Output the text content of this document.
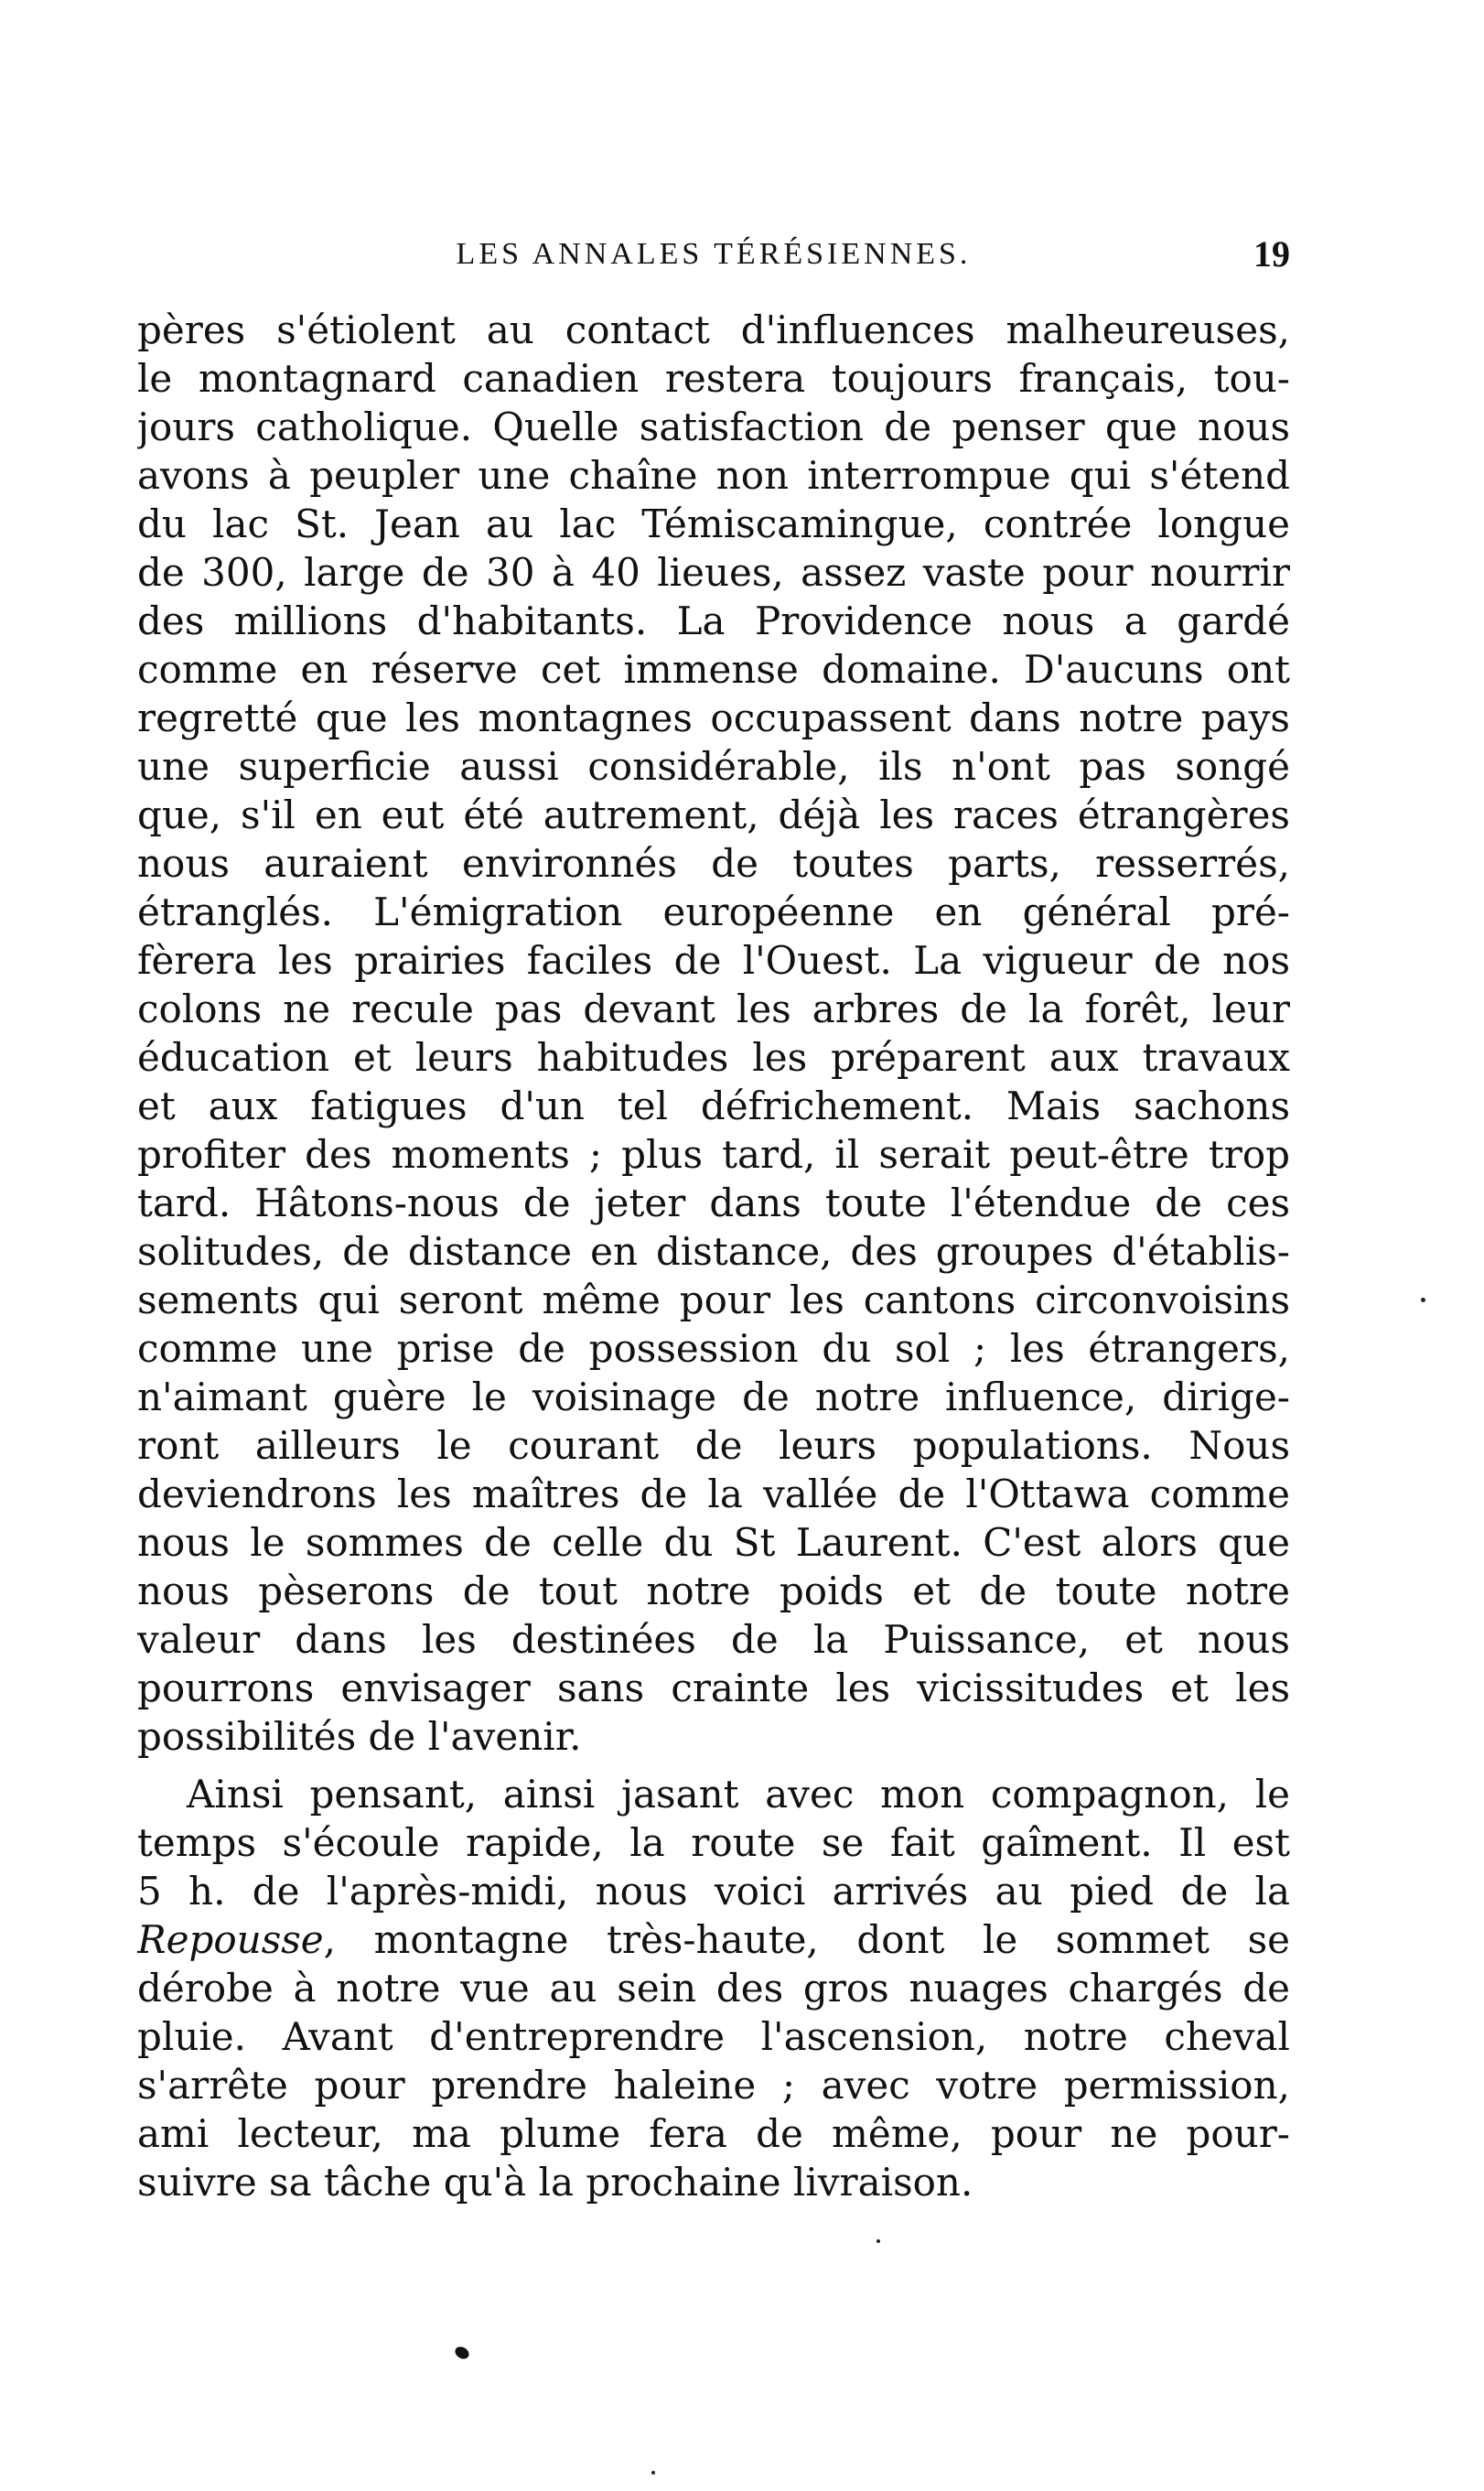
LES ANNALES TÉRÉSIENNES.	19
pères s'étiolent au contact d'influences malheureuses,
le montagnard canadien restera toujours français, tou-
jours catholique. Quelle satisfaction de penser que nous
avons à peupler une chaîne non interrompue qui s'étend
du lac St. Jean au lac Témiscamingue, contrée longue
de 300, large de 30 à 40 lieues, assez vaste pour nourrir
des millions d'habitants. La Providence nous a gardé
comme en réserve cet immense domaine. D'aucuns ont
regretté que les montagnes occupassent dans notre pays
une superficie aussi considérable, ils n'ont pas songé
que, s'il en eut été autrement, déjà les races étrangères
nous auraient environnés de toutes parts, resserrés,
étranglés. L'émigration européenne en général pré-
fèrera les prairies faciles de l'Ouest. La vigueur de nos
colons ne recule pas devant les arbres de la forêt, leur
éducation et leurs habitudes les préparent aux travaux
et aux fatigues d'un tel défrichement. Mais sachons
profiter des moments ; plus tard, il serait peut-être trop
tard. Hâtons-nous de jeter dans toute l'étendue de ces
solitudes, de distance en distance, des groupes d'établis-
sements qui seront même pour les cantons circonvoisins
comme une prise de possession du sol ; les étrangers,
n'aimant guère le voisinage de notre influence, dirige-
ront ailleurs le courant de leurs populations. Nous
deviendrons les maîtres de la vallée de l'Ottawa comme
nous le sommes de celle du St Laurent. C'est alors que
nous pèserons de tout notre poids et de toute notre
valeur dans les destinées de la Puissance, et nous
pourrons envisager sans crainte les vicissitudes et les
possibilités de l'avenir.
Ainsi pensant, ainsi jasant avec mon compagnon, le
temps s'écoule rapide, la route se fait gaîment. Il est
5 h. de l'après-midi, nous voici arrivés au pied de la
Repousse, montagne très-haute, dont le sommet se
dérobe à notre vue au sein des gros nuages chargés de
pluie. Avant d'entreprendre l'ascension, notre cheval
s'arrête pour prendre haleine ; avec votre permission,
ami lecteur, ma plume fera de même, pour ne pour-
suivre sa tâche qu'à la prochaine livraison.
